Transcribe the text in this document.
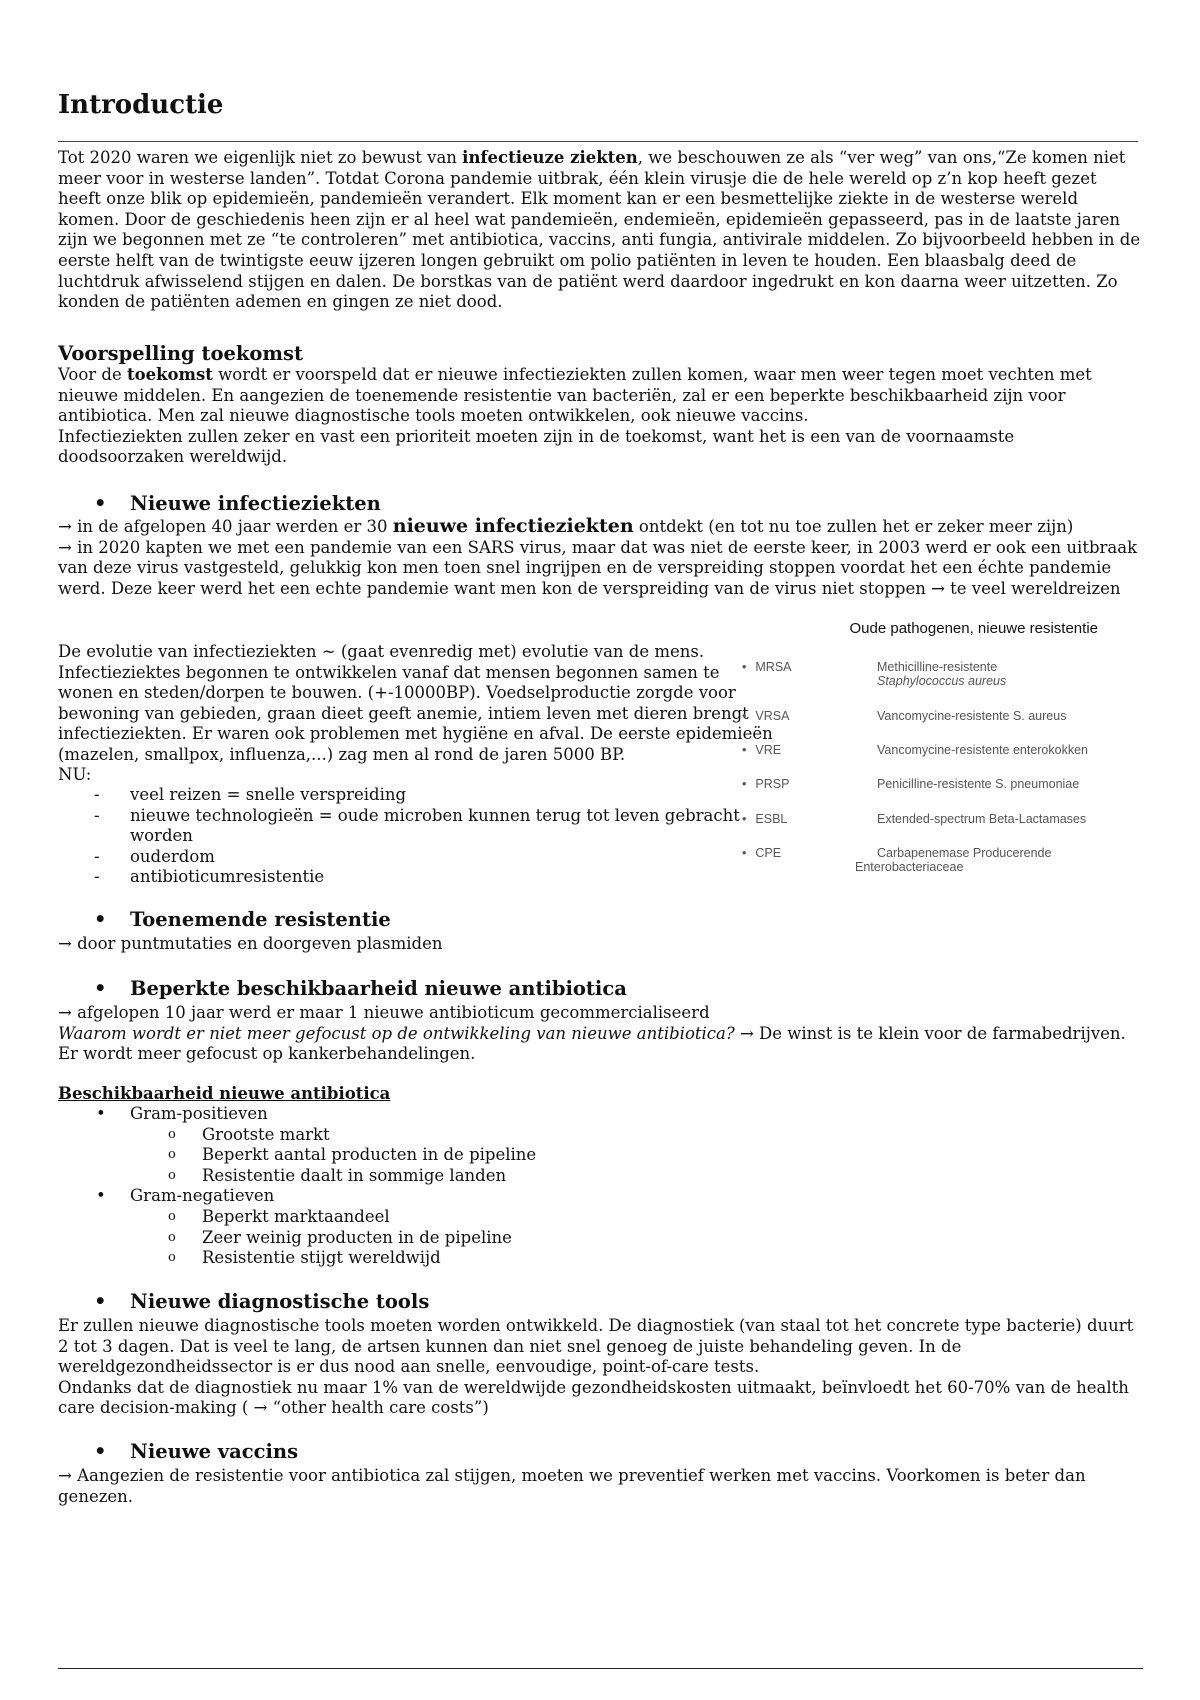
Introductie

Tot 2020 waren we eigenlijk niet zo bewust van infectieuze ziekten, we beschouwen ze als “ver weg” van ons,“Ze komen niet meer voor in westerse landen”. Totdat Corona pandemie uitbrak, één klein virusje die de hele wereld op z’n kop heeft gezet heeft onze blik op epidemieën, pandemieën verandert. Elk moment kan er een besmettelijke ziekte in de westerse wereld komen. Door de geschiedenis heen zijn er al heel wat pandemieën, endemieën, epidemieën gepasseerd, pas in de laatste jaren zijn we begonnen met ze “te controleren” met antibiotica, vaccins, anti fungia, antivirale middelen. Zo bijvoorbeeld hebben in de eerste helft van de twintigste eeuw ijzeren longen gebruikt om polio patiënten in leven te houden. Een blaasbalg deed de luchtdruk afwisselend stijgen en dalen. De borstkas van de patiënt werd daardoor ingedrukt en kon daarna weer uitzetten. Zo konden de patiënten ademen en gingen ze niet dood.

Voorspelling toekomst

Voor de toekomst wordt er voorspeld dat er nieuwe infectieziekten zullen komen, waar men weer tegen moet vechten met nieuwe middelen. En aangezien de toenemende resistentie van bacteriën, zal er een beperkte beschikbaarheid zijn voor antibiotica. Men zal nieuwe diagnostische tools moeten ontwikkelen, ook nieuwe vaccins.

Infectieziekten zullen zeker en vast een prioriteit moeten zijn in de toekomst, want het is een van de voornaamste doodsoorzaken wereldwijd.

• Nieuwe infectieziekten

→ in de afgelopen 40 jaar werden er 30 nieuwe infectieziekten ontdekt (en tot nu toe zullen het er zeker meer zijn)

→ in 2020 kapten we met een pandemie van een SARS virus, maar dat was niet de eerste keer, in 2003 werd er ook een uitbraak van deze virus vastgesteld, gelukkig kon men toen snel ingrijpen en de verspreiding stoppen voordat het een échte pandemie werd. Deze keer werd het een echte pandemie want men kon de verspreiding van de virus niet stoppen → te veel wereldreizen

De evolutie van infectieziekten ~ (gaat evenredig met) evolutie van de mens. Infectieziektes begonnen te ontwikkelen vanaf dat mensen begonnen samen te wonen en steden/dorpen te bouwen. (+-10000BP). Voedselproductie zorgde voor bewoning van gebieden, graan dieet geeft anemie, intiem leven met dieren brengt infectieziekten. Er waren ook problemen met hygiëne en afval. De eerste epidemieën (mazelen, smallpox, influenza,...) zag men al rond de jaren 5000 BP.

NU:

- veel reizen = snelle verspreiding
- nieuwe technologieën = oude microben kunnen terug tot leven gebracht worden
- ouderdom
- antibioticumresistentie

• Toenemende resistentie

→ door puntmutaties en doorgeven plasmiden

• Beperkte beschikbaarheid nieuwe antibiotica

→ afgelopen 10 jaar werd er maar 1 nieuwe antibioticum gecommercialiseerd

Waarom wordt er niet meer gefocust op de ontwikkeling van nieuwe antibiotica? → De winst is te klein voor de farmabedrijven. Er wordt meer gefocust op kankerbehandelingen.

Beschikbaarheid nieuwe antibiotica

• Gram-positieven
o Grootste markt
o Beperkt aantal producten in de pipeline
o Resistentie daalt in sommige landen
• Gram-negatieven
o Beperkt marktaandeel
o Zeer weinig producten in de pipeline
o Resistentie stijgt wereldwijd

• Nieuwe diagnostische tools

Er zullen nieuwe diagnostische tools moeten worden ontwikkeld. De diagnostiek (van staal tot het concrete type bacterie) duurt 2 tot 3 dagen. Dat is veel te lang, de artsen kunnen dan niet snel genoeg de juiste behandeling geven. In de wereldgezondheidssector is er dus nood aan snelle, eenvoudige, point-of-care tests.

Ondanks dat de diagnostiek nu maar 1% van de wereldwijde gezondheidskosten uitmaakt, beïnvloedt het 60-70% van de health care decision-making ( → “other health care costs”)

• Nieuwe vaccins

→ Aangezien de resistentie voor antibiotica zal stijgen, moeten we preventief werken met vaccins. Voorkomen is beter dan genezen.

Oude pathogenen, nieuwe resistentie
• MRSA	Methicilline-resistente
Staphylococcus aureus
• VRSA	Vancomycine-resistente S. aureus
• VRE	Vancomycine-resistente enterokokken
• PRSP	Penicilline-resistente S. pneumoniae
• ESBL	Extended-spectrum Beta-Lactamases
• CPE	Carbapenemase Producerende
Enterobacteriaceae
